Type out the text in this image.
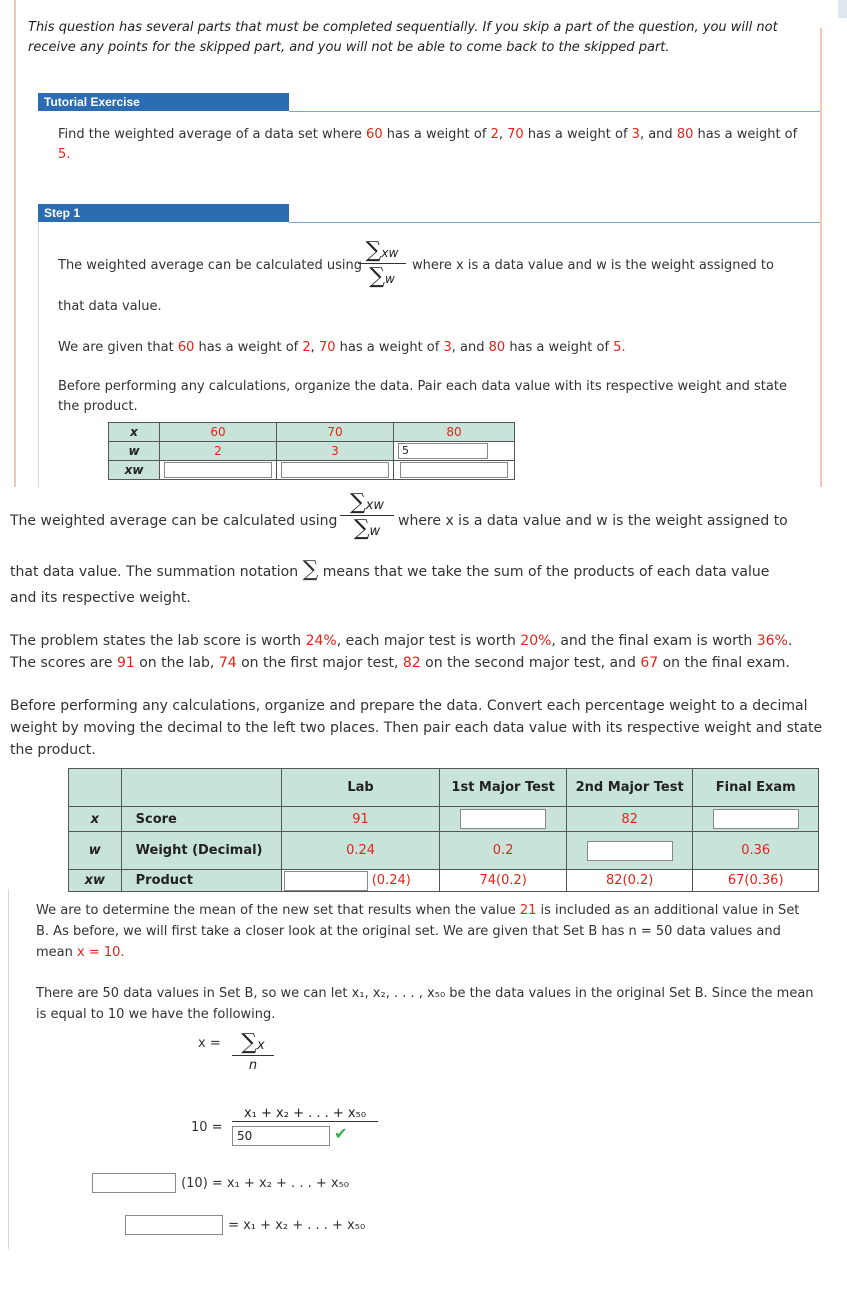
This question has several parts that must be completed sequentially. If you skip a part of the question, you will not receive any points for the skipped part, and you will not be able to come back to the skipped part.
Tutorial Exercise
Find the weighted average of a data set where 60 has a weight of 2, 70 has a weight of 3, and 80 has a weight of 5.
Step 1
The weighted average can be calculated using
$\frac{\sum xw}{\sum w}$ where x is a data value and w is the weight assigned to
that data value.
We are given that 60 has a weight of 2, 70 has a weight of 3, and 80 has a weight of 5.
Before performing any calculations, organize the data. Pair each data value with its respective weight and state the product.
x	60	70	80
w	2	3	5
xw			
The weighted average can be calculated using $\frac{\sum xw}{\sum w}$ where x is a data value and w is the weight assigned to
that data value. The summation notation ∑ means that we take the sum of the products of each data value
and its respective weight.
The problem states the lab score is worth 24%, each major test is worth 20%, and the final exam is worth 36%.
The scores are 91 on the lab, 74 on the first major test, 82 on the second major test, and 67 on the final exam.
Before performing any calculations, organize and prepare the data. Convert each percentage weight to a decimal weight by moving the decimal to the left two places. Then pair each data value with its respective weight and state the product.
		Lab	1st Major Test	2nd Major Test	Final Exam
x	Score	91		82	
w	Weight (Decimal)	0.24	0.2		0.36
xw	Product	(0.24)	74(0.2)	82(0.2)	67(0.36)
We are to determine the mean of the new set that results when the value 21 is included as an additional value in Set B. As before, we will first take a closer look at the original set. We are given that Set B has n = 50 data values and mean x = 10.
There are 50 data values in Set B, so we can let x₁, x₂, . . . , x₅₀ be the data values in the original Set B. Since the mean is equal to 10 we have the following.
$x = \frac{\sum x}{n}$
10 = x₁ + x₂ + . . . + x₅₀
50	✔
(10) = x₁ + x₂ + . . . + x₅₀
= x₁ + x₂ + . . . + x₅₀
